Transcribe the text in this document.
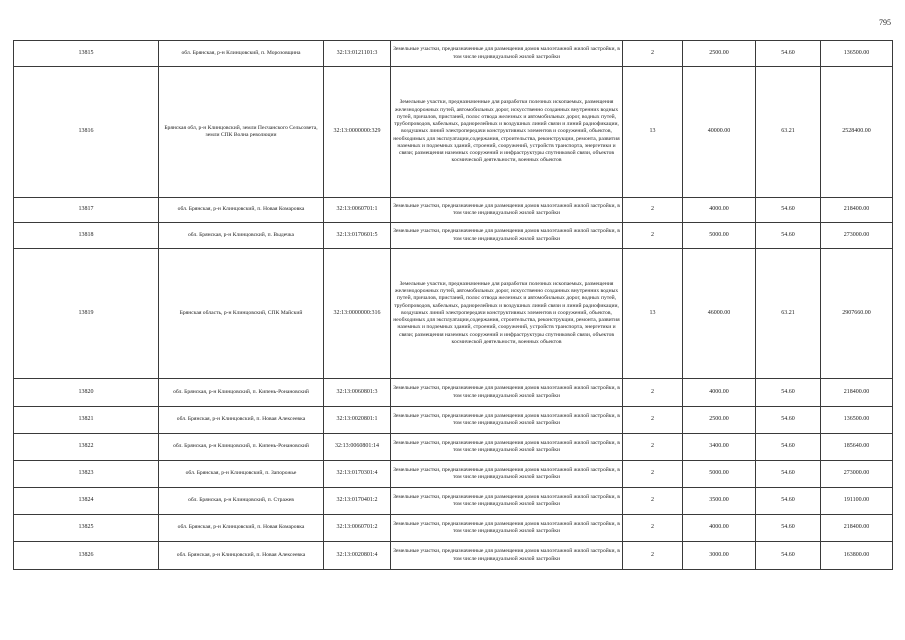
795
13815	обл. Брянская, р-н Клинцовский, п. Морозовщина	32:13:0121101:3	Земельные участки, предназначенные для размещения домов малоэтажной жилой застройки, в том числе индивидуальной жилой застройки	2	2500.00	54.60	136500.00
13816	Брянская обл, р-н Клинцовский, земли Песчанского Сельсовета, земли СПК Волна революции	32:13:0000000:329	Земельные участки, предназначенные для разработки полезных ископаемых, размещения железнодорожных путей, автомобильных дорог, искусственно созданных внутренних водных путей, причалов, пристаней, полос отвода железных и автомобильных дорог, водных путей, трубопроводов, кабельных, радиорелейных и воздушных линий связи и линий радиофикации, воздушных линий электропередачи конструктивных элементов и сооружений, объектов, необходимых для эксплуатации,содержания, строительства, реконструкции, ремонта, развития наземных и подземных зданий, строений, сооружений, устройств транспорта, энергетики и связи; размещения наземных сооружений и инфраструктуры спутниковой связи, объектов космической деятельности, военных объектов	13	40000.00	63.21	2528400.00
13817	обл. Брянская, р-н Клинцовский, п. Новая Комаровка	32:13:0060701:1	Земельные участки, предназначенные для размещения домов малоэтажной жилой застройки, в том числе индивидуальной жилой застройки	2	4000.00	54.60	218400.00
13818	обл. Брянская, р-н Клинцовский, п. Выдечка	32:13:0170601:5	Земельные участки, предназначенные для размещения домов малоэтажной жилой застройки, в том числе индивидуальной жилой застройки	2	5000.00	54.60	273000.00
13819	Брянская область, р-н Клинцовский, СПК Майский	32:13:0000000:316	Земельные участки, предназначенные для разработки полезных ископаемых, размещения железнодорожных путей, автомобильных дорог, искусственно созданных внутренних водных путей, причалов, пристаней, полос отвода железных и автомобильных дорог, водных путей, трубопроводов, кабельных, радиорелейных и воздушных линий связи и линий радиофикации, воздушных линий электропередачи конструктивных элементов и сооружений, объектов, необходимых для эксплуатации,содержания, строительства, реконструкции, ремонта, развития наземных и подземных зданий, строений, сооружений, устройств транспорта, энергетики и связи; размещения наземных сооружений и инфраструктуры спутниковой связи, объектов космической деятельности, военных объектов	13	46000.00	63.21	2907660.00
13820	обл. Брянская, р-н Клинцовский, п. Кипень-Ронановский	32:13:0060801:3	Земельные участки, предназначенные для размещения домов малоэтажной жилой застройки, в том числе индивидуальной жилой застройки	2	4000.00	54.60	218400.00
13821	обл. Брянская, р-н Клинцовский, п. Новая Алексеевка	32:13:0020801:1	Земельные участки, предназначенные для размещения домов малоэтажной жилой застройки, в том числе индивидуальной жилой застройки	2	2500.00	54.60	136500.00
13822	обл. Брянская, р-н Клинцовский, п. Кипень-Ронановский	32:13:0060801:14	Земельные участки, предназначенные для размещения домов малоэтажной жилой застройки, в том числе индивидуальной жилой застройки	2	3400.00	54.60	185640.00
13823	обл. Брянская, р-н Клинцовский, п. Запорожье	32:13:0170301:4	Земельные участки, предназначенные для размещения домов малоэтажной жилой застройки, в том числе индивидуальной жилой застройки	2	5000.00	54.60	273000.00
13824	обл. Брянская, р-н Клинцовский, п. Стражев	32:13:0170401:2	Земельные участки, предназначенные для размещения домов малоэтажной жилой застройки, в том числе индивидуальной жилой застройки	2	3500.00	54.60	191100.00
13825	обл. Брянская, р-н Клинцовский, п. Новая Комаровка	32:13:0060701:2	Земельные участки, предназначенные для размещения домов малоэтажной жилой застройки, в том числе индивидуальной жилой застройки	2	4000.00	54.60	218400.00
13826	обл. Брянская, р-н Клинцовский, п. Новая Алексеевка	32:13:0020801:4	Земельные участки, предназначенные для размещения домов малоэтажной жилой застройки, в том числе индивидуальной жилой застройки	2	3000.00	54.60	163800.00
